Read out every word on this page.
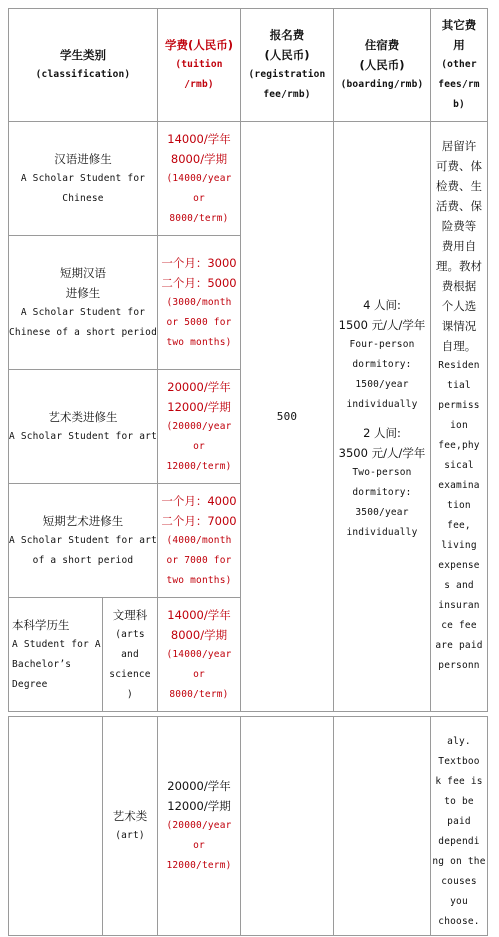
学生类别
(classification)
学费(人民币)
(tuition
/rmb)
报名费
(人民币)
(registration
fee/rmb)
住宿费
(人民币)
(boarding/rmb)
其它费
用
(other
fees/rm
b)
汉语进修生
A Scholar Student for
Chinese
14000/学年
8000/学期
(14000/year
or
8000/term)
短期汉语
进修生
A Scholar Student for
Chinese of a short period
一个月：3000
二个月：5000
(3000/month
or 5000 for
two months)
艺术类进修生
A Scholar Student for art
20000/学年
12000/学期
(20000/year
or
12000/term)
短期艺术进修生
A Scholar Student for art
of a short period
一个月：4000
二个月：7000
(4000/month
or 7000 for
two months)
本科学历生
A Student for A
Bachelor’s
Degree
文理科
(arts
and
science
)
14000/学年
8000/学期
(14000/year
or
8000/term)
500
4 人间:
1500 元/人/学年
Four-person
dormitory:
1500/year
individually
2 人间:
3500 元/人/学年
Two-person
dormitory:
3500/year
individually
居留许
可费、体
检费、生
活费、保
险费等
费用自
理。教材
费根据
个人选
课情况
自理。
Residen
tial
permiss
ion
fee,phy
sical
examina
tion
fee,
living
expense
s and
insuran
ce fee
are paid
personn
艺术类
(art)
20000/学年
12000/学期
(20000/year
or
12000/term)
aly.
Textboo
k fee is
to be
paid
dependi
ng on the
couses
you
choose.
